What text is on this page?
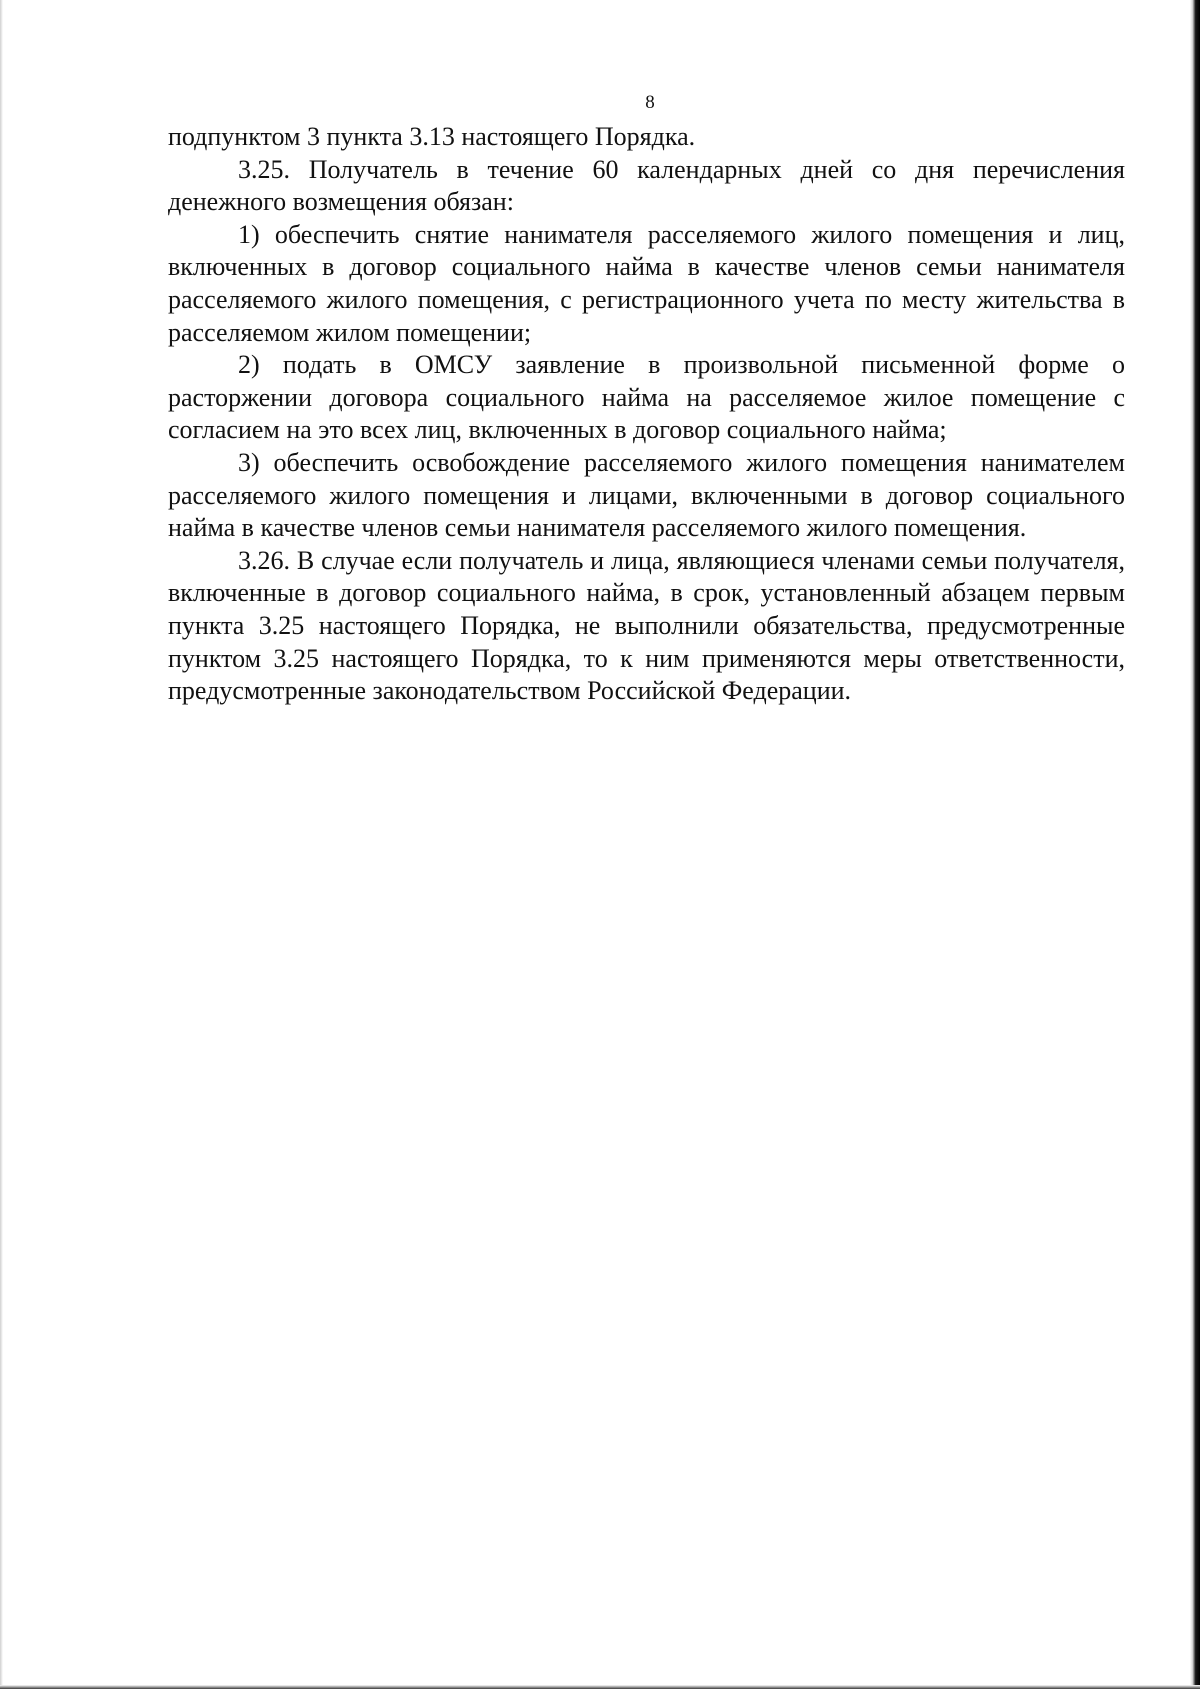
8

подпунктом 3 пункта 3.13 настоящего Порядка.

3.25. Получатель в течение 60 календарных дней со дня перечисления денежного возмещения обязан:

1) обеспечить снятие нанимателя расселяемого жилого помещения и лиц, включенных в договор социального найма в качестве членов семьи нанимателя расселяемого жилого помещения, с регистрационного учета по месту жительства в расселяемом жилом помещении;

2) подать в ОМСУ заявление в произвольной письменной форме о расторжении договора социального найма на расселяемое жилое помещение с согласием на это всех лиц, включенных в договор социального найма;

3) обеспечить освобождение расселяемого жилого помещения нанимателем расселяемого жилого помещения и лицами, включенными в договор социального найма в качестве членов семьи нанимателя расселяемого жилого помещения.

3.26. В случае если получатель и лица, являющиеся членами семьи получателя, включенные в договор социального найма, в срок, установленный абзацем первым пункта 3.25 настоящего Порядка, не выполнили обязательства, предусмотренные пунктом 3.25 настоящего Порядка, то к ним применяются меры ответственности, предусмотренные законодательством Российской Федерации.
